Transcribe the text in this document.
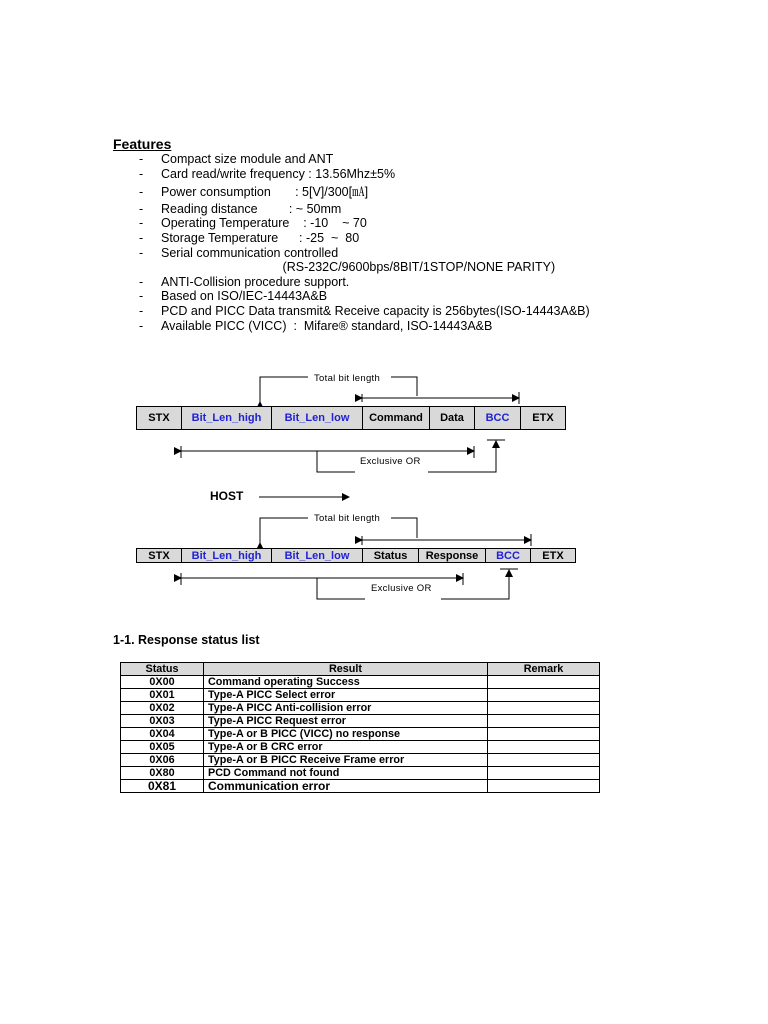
Features
- Compact size module and ANT
- Card read/write frequency : 13.56Mhz±5%
- Power consumption       : 5[V]/300[㎃]
- Reading distance         : ~ 50mm
- Operating Temperature    : -10    ~ 70
- Storage Temperature      : -25  ~  80
- Serial communication controlled
(RS-232C/9600bps/8BIT/1STOP/NONE PARITY)
- ANTI-Collision procedure support.
- Based on ISO/IEC-14443A&B
- PCD and PICC Data transmit& Receive capacity is 256bytes(ISO-14443A&B)
- Available PICC (VICC)  :  Mifare® standard, ISO-14443A&B
Total bit length
STX	Bit_Len_high	Bit_Len_low	Command	Data	BCC	ETX
Exclusive OR
HOST
Total bit length
STX	Bit_Len_high	Bit_Len_low	Status	Response	BCC	ETX
Exclusive OR
1-1. Response status list
Status	Result	Remark
0X00	Command operating Success	
0X01	Type-A PICC Select error	
0X02	Type-A PICC Anti-collision error	
0X03	Type-A PICC Request error	
0X04	Type-A or B PICC (VICC) no response	
0X05	Type-A or B CRC error	
0X06	Type-A or B PICC Receive Frame error	
0X80	PCD Command not found	
0X81	Communication error	
